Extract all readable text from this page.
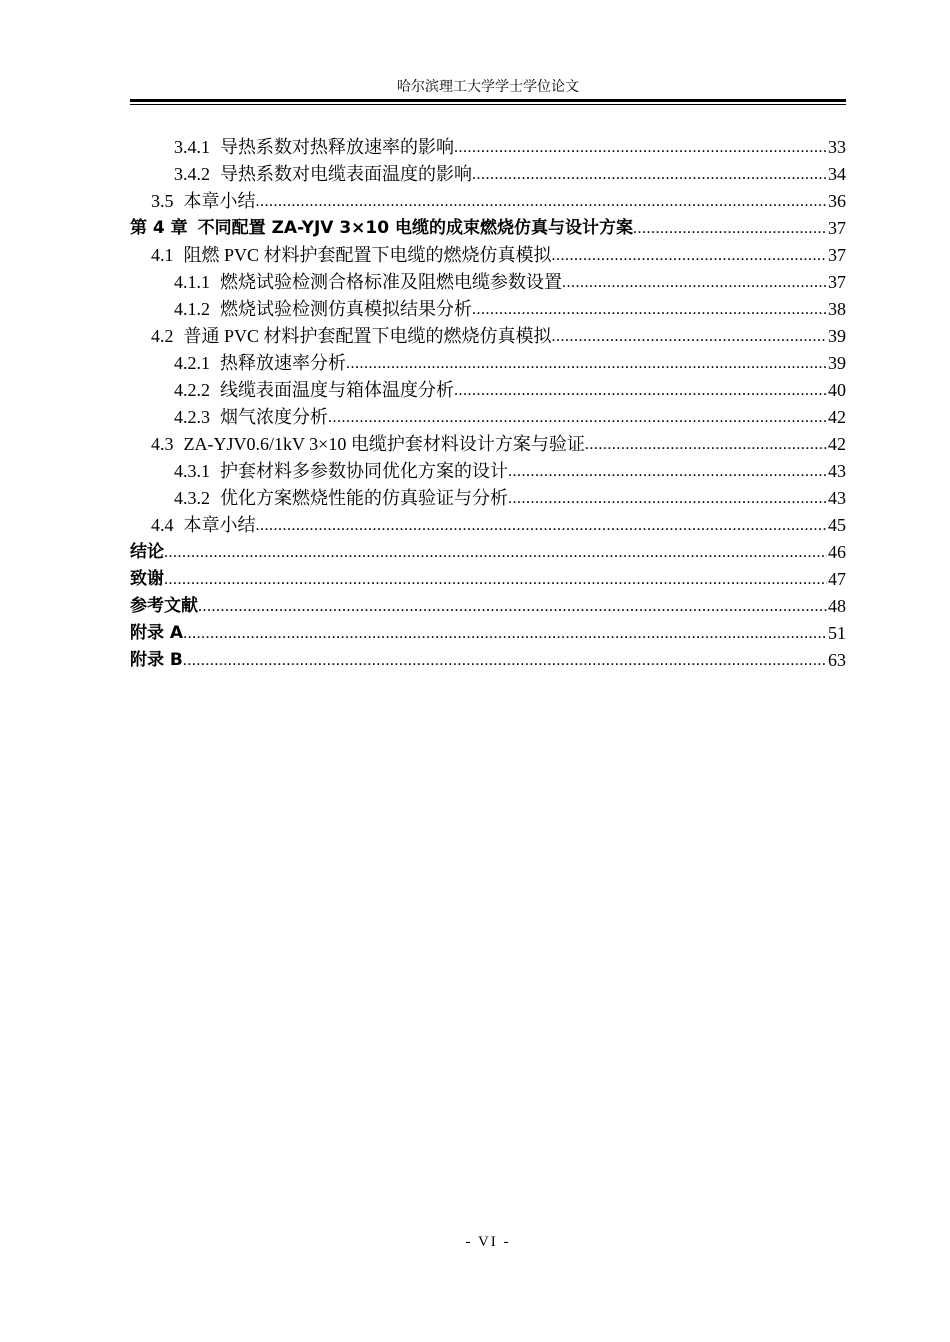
哈尔滨理工大学学士学位论文
3.4.1 导热系数对热释放速率的影响 .....	33
3.4.2 导热系数对电缆表面温度的影响 .....	34
3.5 本章小结 .....	36
第 4 章 不同配置 ZA-YJV 3×10 电缆的成束燃烧仿真与设计方案 .....	37
4.1 阻燃 PVC 材料护套配置下电缆的燃烧仿真模拟 .....	37
4.1.1 燃烧试验检测合格标准及阻燃电缆参数设置 .....	37
4.1.2 燃烧试验检测仿真模拟结果分析 .....	38
4.2 普通 PVC 材料护套配置下电缆的燃烧仿真模拟 .....	39
4.2.1 热释放速率分析 .....	39
4.2.2 线缆表面温度与箱体温度分析 .....	40
4.2.3 烟气浓度分析 .....	42
4.3 ZA-YJV0.6/1kV 3×10 电缆护套材料设计方案与验证 .....	42
4.3.1 护套材料多参数协同优化方案的设计 .....	43
4.3.2 优化方案燃烧性能的仿真验证与分析 .....	43
4.4 本章小结 .....	45
结论 .....	46
致谢 .....	47
参考文献 .....	48
附录 A .....	51
附录 B .....	63
- VI -
